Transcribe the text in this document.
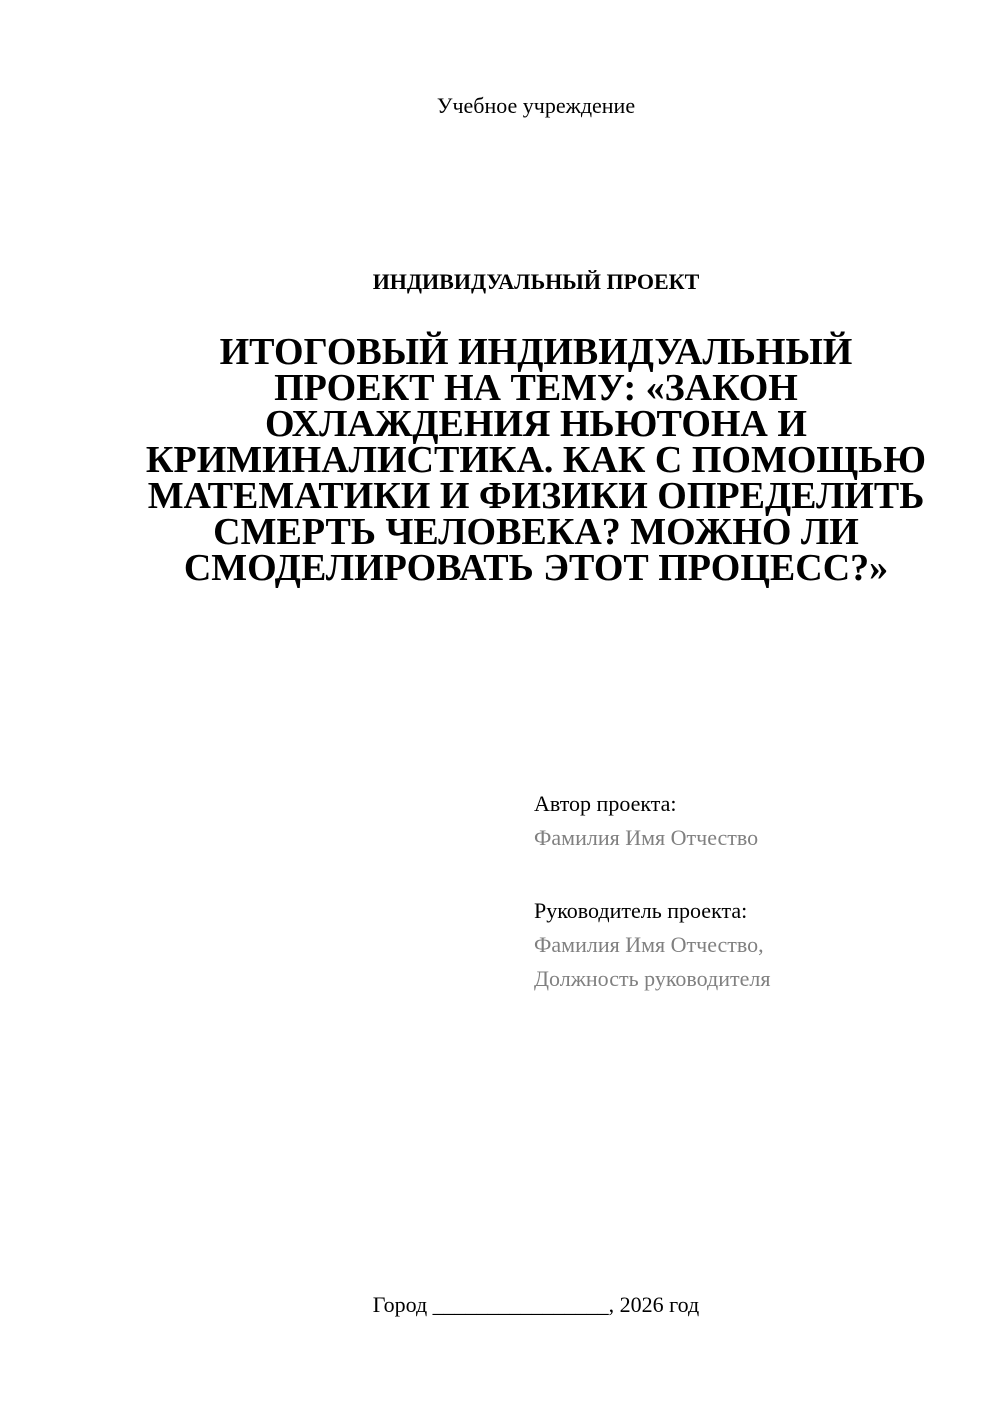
Учебное учреждение
ИНДИВИДУАЛЬНЫЙ ПРОЕКТ
ИТОГОВЫЙ ИНДИВИДУАЛЬНЫЙ ПРОЕКТ НА ТЕМУ: «ЗАКОН ОХЛАЖДЕНИЯ НЬЮТОНА И КРИМИНАЛИСТИКА. КАК С ПОМОЩЬЮ МАТЕМАТИКИ И ФИЗИКИ ОПРЕДЕЛИТЬ СМЕРТЬ ЧЕЛОВЕКА? МОЖНО ЛИ СМОДЕЛИРОВАТЬ ЭТОТ ПРОЦЕСС?»
Автор проекта:
Фамилия Имя Отчество
Руководитель проекта:
Фамилия Имя Отчество,
Должность руководителя
Город ________________, 2026 год
